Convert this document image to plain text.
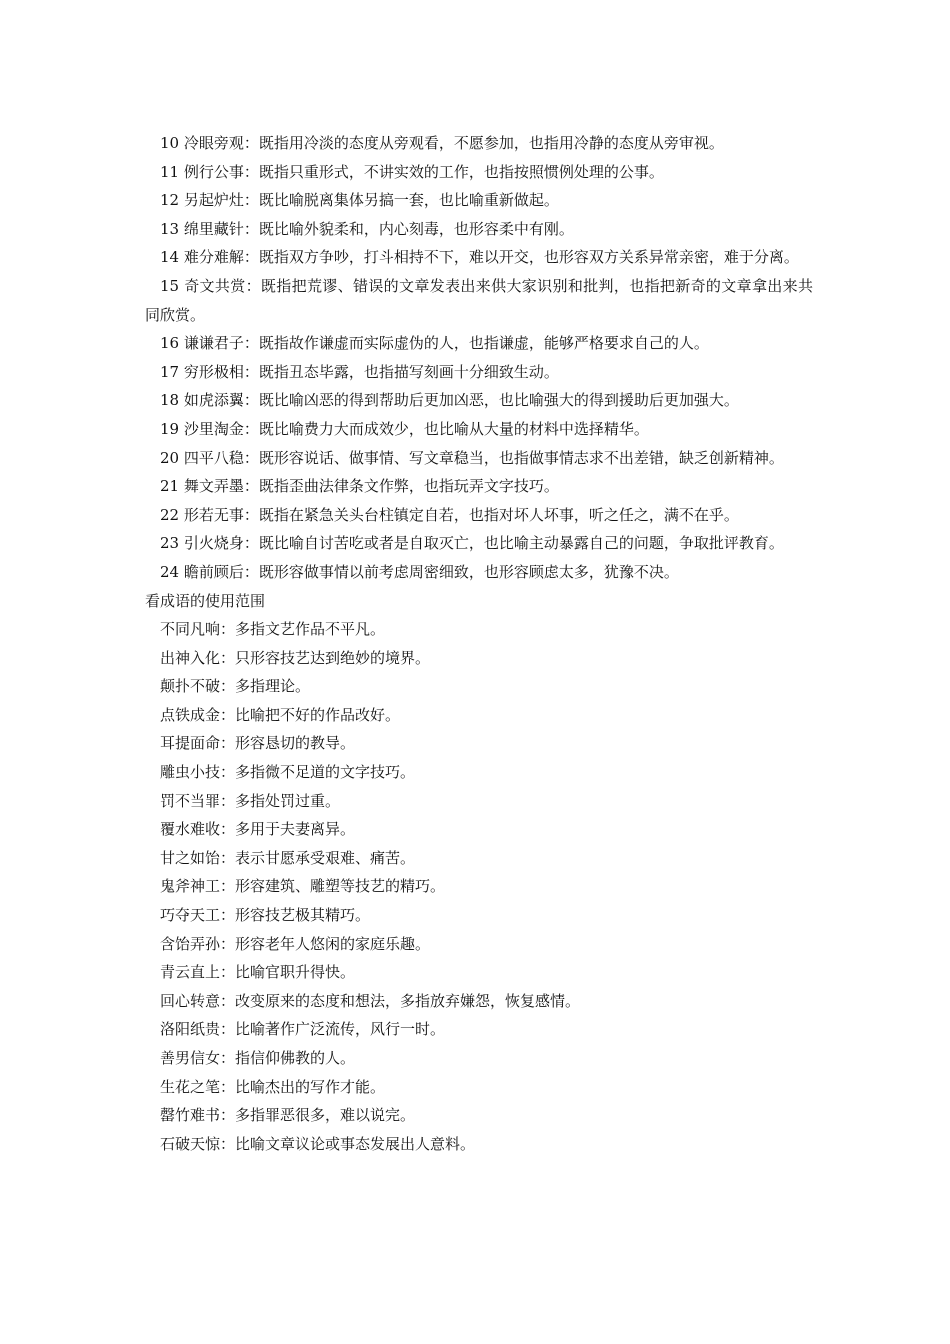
10 冷眼旁观：既指用冷淡的态度从旁观看，不愿参加，也指用冷静的态度从旁审视。

11 例行公事：既指只重形式，不讲实效的工作，也指按照惯例处理的公事。

12 另起炉灶：既比喻脱离集体另搞一套，也比喻重新做起。

13 绵里藏针：既比喻外貌柔和，内心刻毒，也形容柔中有刚。

14 难分难解：既指双方争吵，打斗相持不下，难以开交，也形容双方关系异常亲密，难于分离。

15 奇文共赏：既指把荒谬、错误的文章发表出来供大家识别和批判，也指把新奇的文章拿出来共同欣赏。

16 谦谦君子：既指故作谦虚而实际虚伪的人，也指谦虚，能够严格要求自己的人。

17 穷形极相：既指丑态毕露，也指描写刻画十分细致生动。

18 如虎添翼：既比喻凶恶的得到帮助后更加凶恶，也比喻强大的得到援助后更加强大。

19 沙里淘金：既比喻费力大而成效少，也比喻从大量的材料中选择精华。

20 四平八稳：既形容说话、做事情、写文章稳当，也指做事情志求不出差错，缺乏创新精神。

21 舞文弄墨：既指歪曲法律条文作弊，也指玩弄文字技巧。

22 形若无事：既指在紧急关头台柱镇定自若，也指对坏人坏事，听之任之，满不在乎。

23 引火烧身：既比喻自讨苦吃或者是自取灭亡，也比喻主动暴露自己的问题，争取批评教育。

24 瞻前顾后：既形容做事情以前考虑周密细致，也形容顾虑太多，犹豫不决。

看成语的使用范围

不同凡响：多指文艺作品不平凡。

出神入化：只形容技艺达到绝妙的境界。

颠扑不破：多指理论。

点铁成金：比喻把不好的作品改好。

耳提面命：形容恳切的教导。

雕虫小技：多指微不足道的文字技巧。

罚不当罪：多指处罚过重。

覆水难收：多用于夫妻离异。

甘之如饴：表示甘愿承受艰难、痛苦。

鬼斧神工：形容建筑、雕塑等技艺的精巧。

巧夺天工：形容技艺极其精巧。

含饴弄孙：形容老年人悠闲的家庭乐趣。

青云直上：比喻官职升得快。

回心转意：改变原来的态度和想法，多指放弃嫌怨，恢复感情。

洛阳纸贵：比喻著作广泛流传，风行一时。

善男信女：指信仰佛教的人。

生花之笔：比喻杰出的写作才能。

罄竹难书：多指罪恶很多，难以说完。

石破天惊：比喻文章议论或事态发展出人意料。
